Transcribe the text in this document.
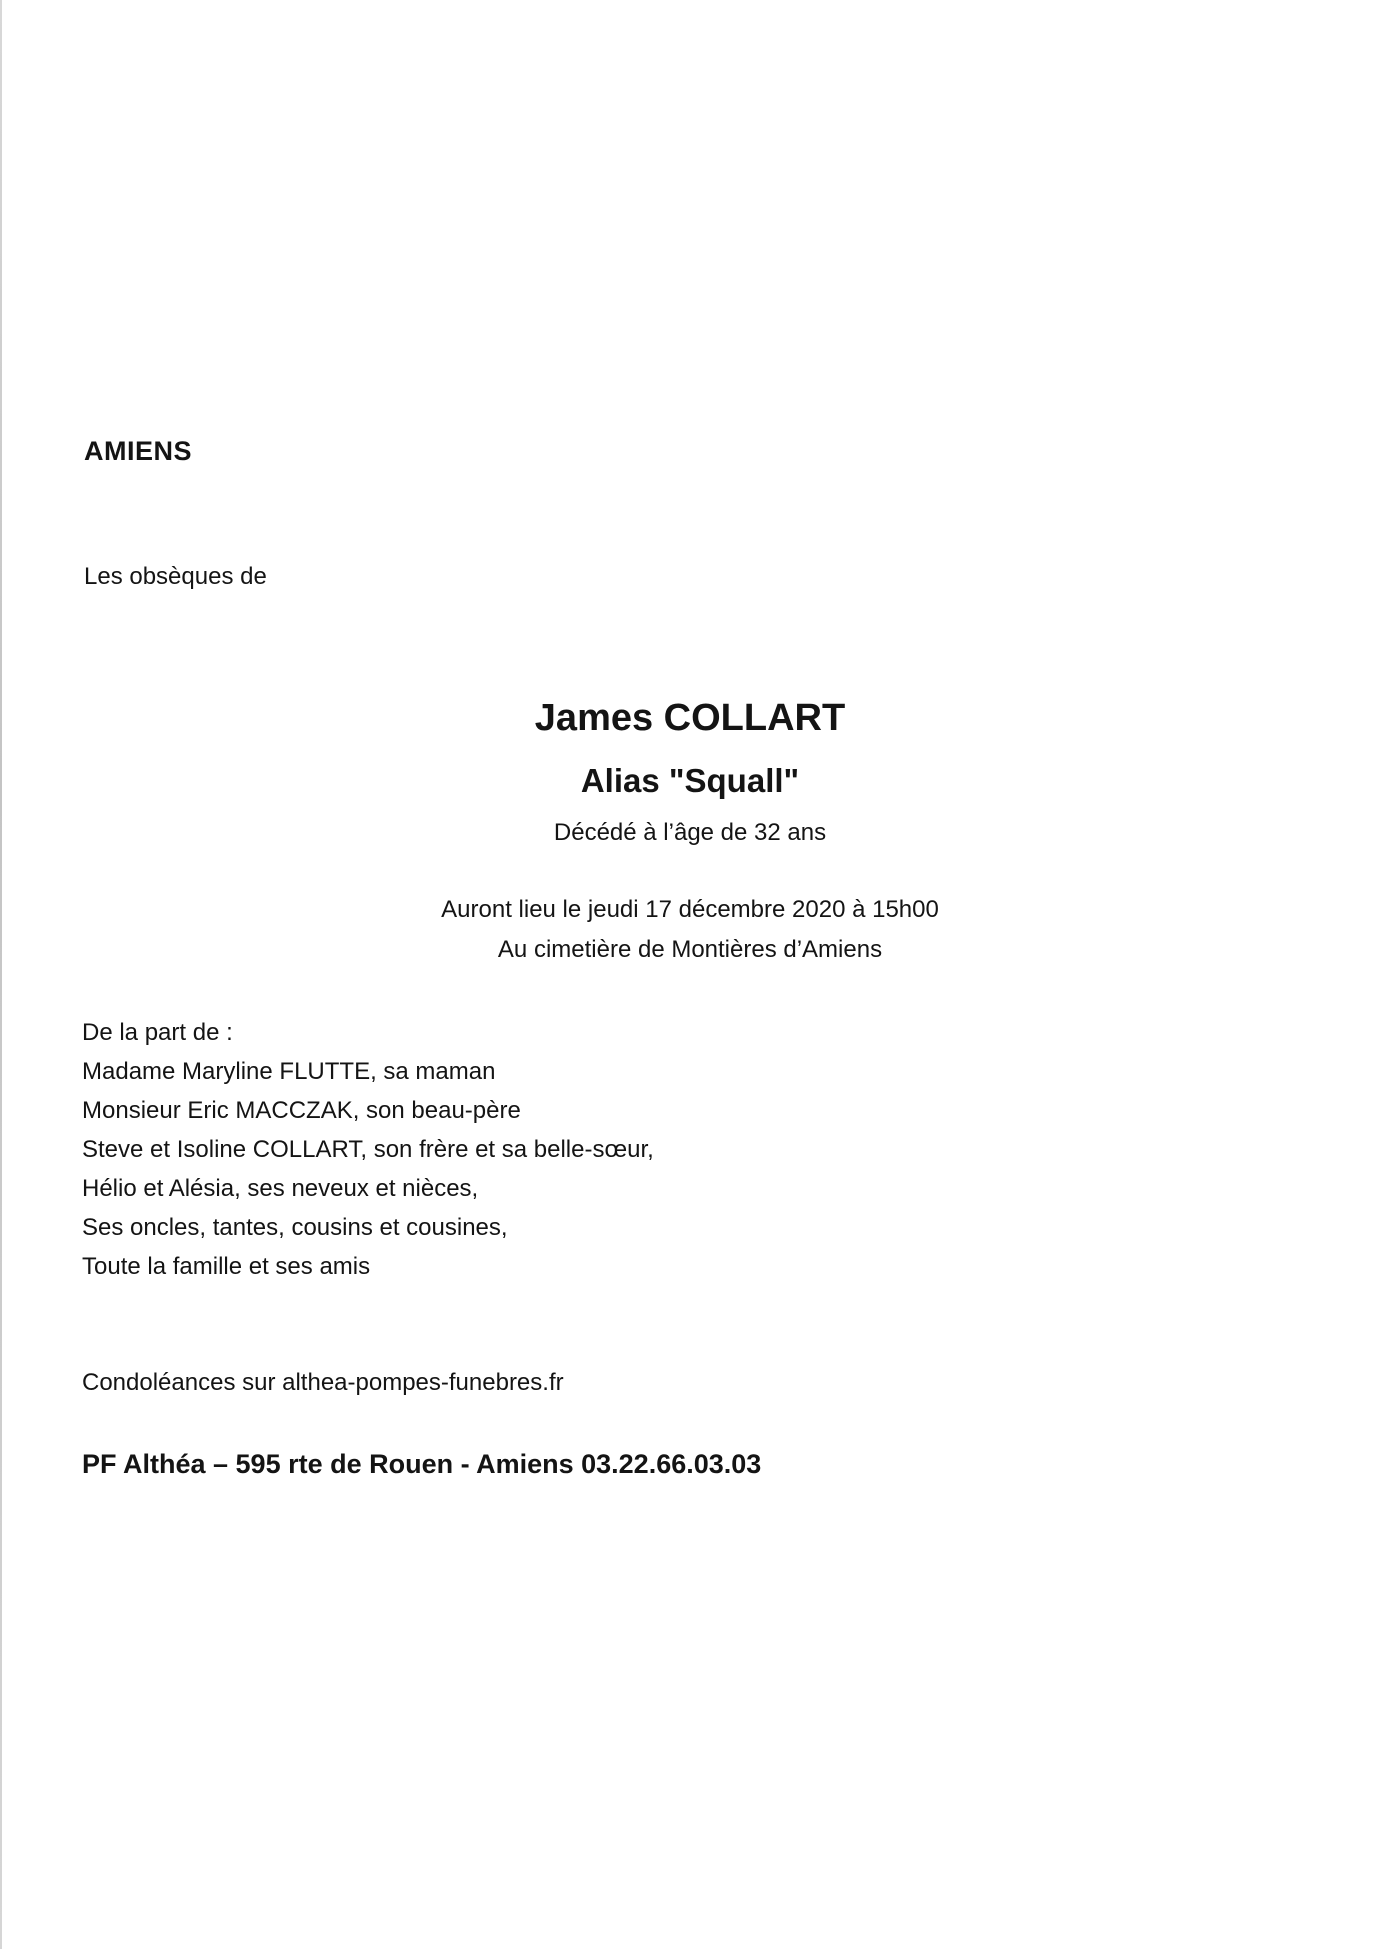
AMIENS

Les obsèques de

James COLLART

Alias "Squall"

Décédé à l’âge de 32 ans

Auront lieu le jeudi 17 décembre 2020 à 15h00

Au cimetière de Montières d’Amiens

De la part de :
Madame Maryline FLUTTE, sa maman
Monsieur Eric MACCZAK, son beau-père
Steve et Isoline COLLART, son frère et sa belle-sœur,
Hélio et Alésia, ses neveux et nièces,
Ses oncles, tantes, cousins et cousines,
Toute la famille et ses amis

Condoléances sur althea-pompes-funebres.fr

PF Althéa – 595 rte de Rouen - Amiens 03.22.66.03.03
